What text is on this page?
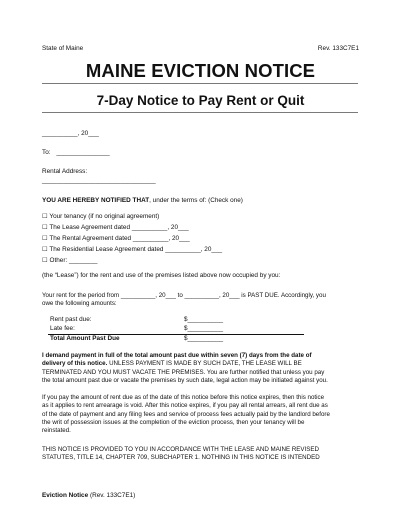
State of Maine	Rev. 133C7E1
MAINE EVICTION NOTICE
7-Day Notice to Pay Rent or Quit
__________, 20___
To: _______________
Rental Address:
________________________________
YOU ARE HEREBY NOTIFIED THAT, under the terms of: (Check one)
☐ Your tenancy (if no original agreement)
☐ The Lease Agreement dated __________, 20___
☐ The Rental Agreement dated __________, 20___
☐ The Residential Lease Agreement dated __________, 20___
☐ Other: ________
(the “Lease”) for the rent and use of the premises listed above now occupied by you:
Your rent for the period from __________, 20___ to __________, 20___ is PAST DUE. Accordingly, you
owe the following amounts:
Rent past due:	$__________
Late fee:	$__________
Total Amount Past Due	$__________
I demand payment in full of the total amount past due within seven (7) days from the date of
delivery of this notice. UNLESS PAYMENT IS MADE BY SUCH DATE, THE LEASE WILL BE
TERMINATED AND YOU MUST VACATE THE PREMISES. You are further notified that unless you pay
the total amount past due or vacate the premises by such date, legal action may be initiated against you.
If you pay the amount of rent due as of the date of this notice before this notice expires, then this notice
as it applies to rent arrearage is void. After this notice expires, if you pay all rental arrears, all rent due as
of the date of payment and any filing fees and service of process fees actually paid by the landlord before
the writ of possession issues at the completion of the eviction process, then your tenancy will be
reinstated.
THIS NOTICE IS PROVIDED TO YOU IN ACCORDANCE WITH THE LEASE AND MAINE REVISED
STATUTES, TITLE 14, CHAPTER 709, SUBCHAPTER 1. NOTHING IN THIS NOTICE IS INTENDED
Eviction Notice (Rev. 133C7E1)
